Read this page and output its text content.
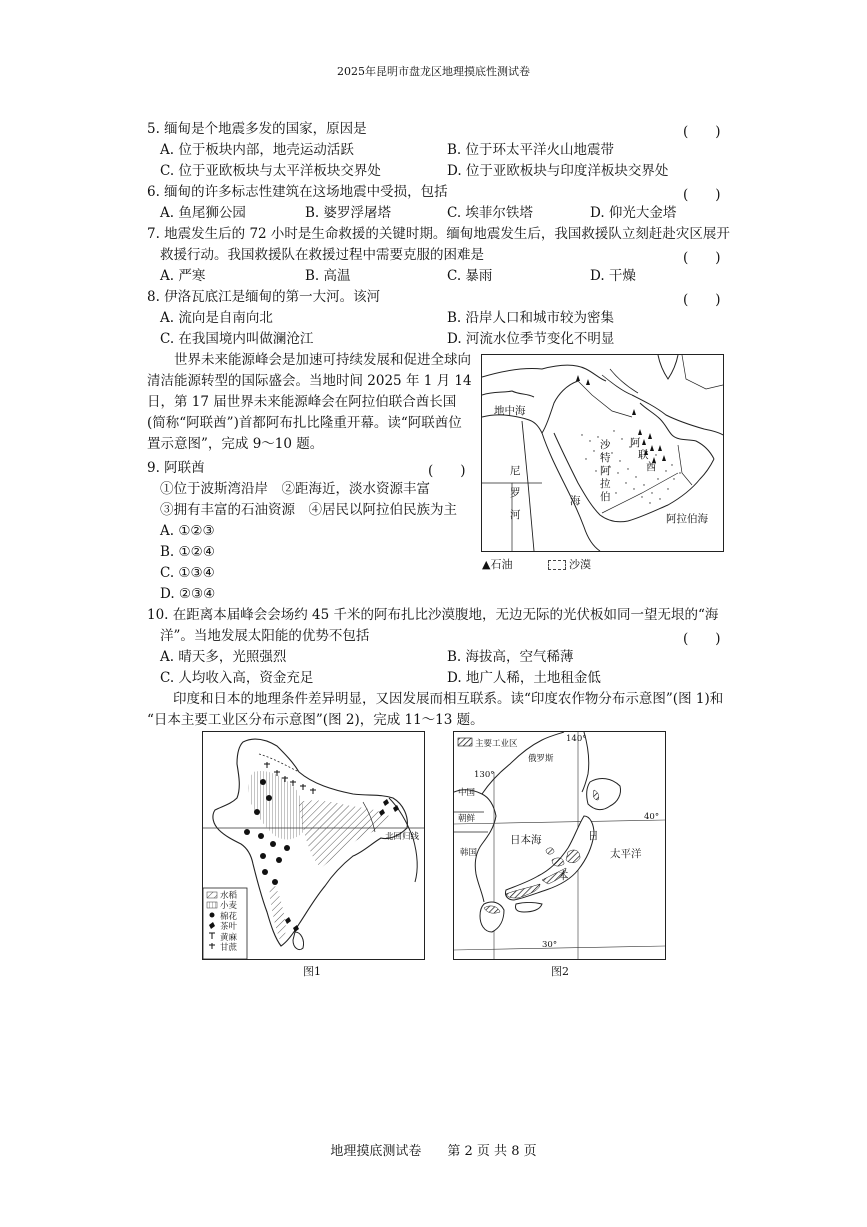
2025年昆明市盘龙区地理摸底性测试卷
5. 缅甸是个地震多发的国家，原因是	(　　)
A. 位于板块内部，地壳运动活跃	B. 位于环太平洋火山地震带
C. 位于亚欧板块与太平洋板块交界处	D. 位于亚欧板块与印度洋板块交界处
6. 缅甸的许多标志性建筑在这场地震中受损，包括	(　　)
A. 鱼尾狮公园	B. 婆罗浮屠塔	C. 埃菲尔铁塔	D. 仰光大金塔
7. 地震发生后的 72 小时是生命救援的关键时期。缅甸地震发生后，我国救援队立刻赶赴灾区展开
救援行动。我国救援队在救援过程中需要克服的困难是	(　　)
A. 严寒	B. 高温	C. 暴雨	D. 干燥
8. 伊洛瓦底江是缅甸的第一大河。该河	(　　)
A. 流向是自南向北	B. 沿岸人口和城市较为密集
C. 在我国境内叫做澜沧江	D. 河流水位季节变化不明显
世界未来能源峰会是加速可持续发展和促进全球向清洁能源转型的国际盛会。当地时间 2025 年 1 月 14 日，第 17 届世界未来能源峰会在阿拉伯联合酋长国(简称“阿联酋”)首都阿布扎比隆重开幕。读“阿联酋位置示意图”，完成 9～10 题。
9. 阿联酋	(　　)
①位于波斯湾沿岸　②距海近，淡水资源丰富
③拥有丰富的石油资源　④居民以阿拉伯民族为主
A. ①②③
B. ①②④
C. ①③④
D. ②③④
地中海
沙特阿拉伯
阿
联
酋
尼
罗
河
海
阿拉伯海
▲石油	沙漠
10. 在距离本届峰会会场约 45 千米的阿布扎比沙漠腹地，无边无际的光伏板如同一望无垠的“海
洋”。当地发展太阳能的优势不包括	(　　)
A. 晴天多，光照强烈	B. 海拔高，空气稀薄
C. 人均收入高，资金充足	D. 地广人稀，土地租金低
印度和日本的地理条件差异明显，又因发展而相互联系。读“印度农作物分布示意图”(图 1)和
“日本主要工业区分布示意图”(图 2)，完成 11～13 题。
北回归线
水稻
小麦
棉花
茶叶
黄麻
甘蔗
图1
主要工业区	140°
俄罗斯
130°
中国
朝鲜	40°
日本海	日
太平洋
韩国
本
30°
图2
地理摸底测试卷　　第 2 页 共 8 页
